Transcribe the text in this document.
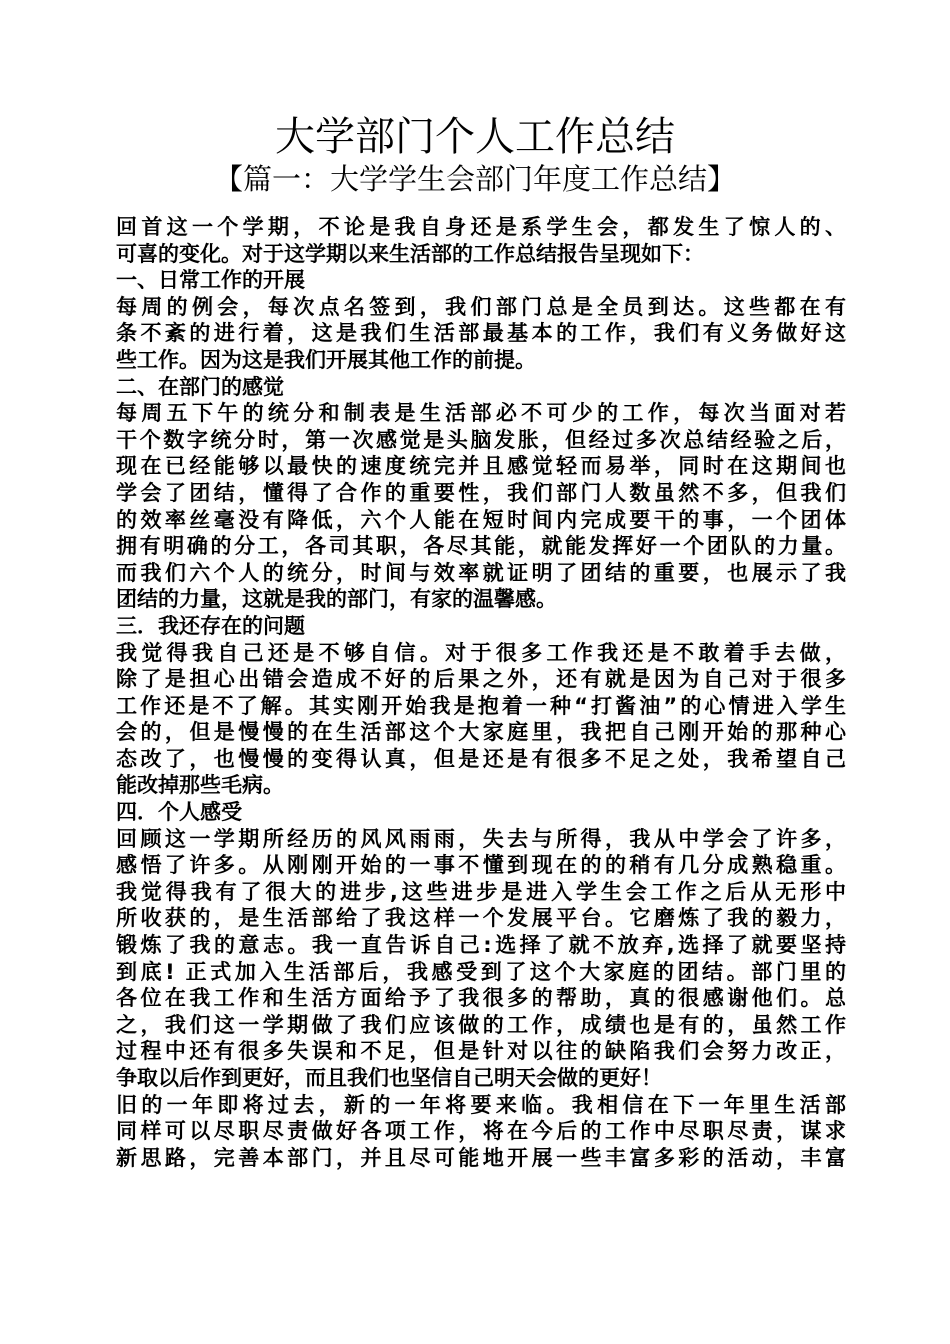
大学部门个人工作总结
【篇一：大学学生会部门年度工作总结】
回首这一个学期，不论是我自身还是系学生会，都发生了惊人的、
可喜的变化。对于这学期以来生活部的工作总结报告呈现如下：
一、日常工作的开展
每周的例会，每次点名签到，我们部门总是全员到达。这些都在有
条不紊的进行着，这是我们生活部最基本的工作，我们有义务做好这
些工作。因为这是我们开展其他工作的前提。
二、在部门的感觉
每周五下午的统分和制表是生活部必不可少的工作，每次当面对若
干个数字统分时，第一次感觉是头脑发胀，但经过多次总结经验之后，
现在已经能够以最快的速度统完并且感觉轻而易举，同时在这期间也
学会了团结，懂得了合作的重要性，我们部门人数虽然不多，但我们
的效率丝毫没有降低，六个人能在短时间内完成要干的事，一个团体
拥有明确的分工，各司其职，各尽其能，就能发挥好一个团队的力量。
而我们六个人的统分，时间与效率就证明了团结的重要，也展示了我
团结的力量，这就是我的部门，有家的温馨感。
三．我还存在的问题
我觉得我自己还是不够自信。对于很多工作我还是不敢着手去做，
除了是担心出错会造成不好的后果之外，还有就是因为自己对于很多
工作还是不了解。其实刚开始我是抱着一种“打酱油”的心情进入学生
会的，但是慢慢的在生活部这个大家庭里，我把自己刚开始的那种心
态改了，也慢慢的变得认真，但是还是有很多不足之处，我希望自己
能改掉那些毛病。
四．个人感受
回顾这一学期所经历的风风雨雨，失去与所得，我从中学会了许多，
感悟了许多。从刚刚开始的一事不懂到现在的的稍有几分成熟稳重。
我觉得我有了很大的进步,这些进步是进入学生会工作之后从无形中
所收获的，是生活部给了我这样一个发展平台。它磨炼了我的毅力，
锻炼了我的意志。我一直告诉自己:选择了就不放弃,选择了就要坚持
到底! 正式加入生活部后，我感受到了这个大家庭的团结。部门里的
各位在我工作和生活方面给予了我很多的帮助，真的很感谢他们。总
之，我们这一学期做了我们应该做的工作，成绩也是有的，虽然工作
过程中还有很多失误和不足，但是针对以往的缺陷我们会努力改正，
争取以后作到更好，而且我们也坚信自己明天会做的更好！
旧的一年即将过去，新的一年将要来临。我相信在下一年里生活部
同样可以尽职尽责做好各项工作，将在今后的工作中尽职尽责，谋求
新思路，完善本部门，并且尽可能地开展一些丰富多彩的活动，丰富
